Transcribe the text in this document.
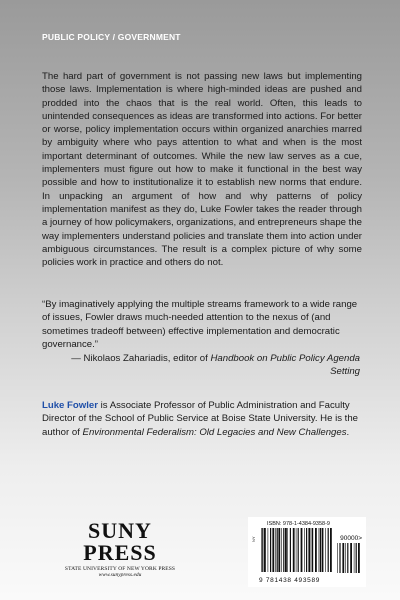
PUBLIC POLICY / GOVERNMENT

The hard part of government is not passing new laws but implementing those laws. Implementation is where high-minded ideas are pushed and prodded into the chaos that is the real world. Often, this leads to unintended consequences as ideas are transformed into actions. For better or worse, policy implementation occurs within organized anarchies marred by ambiguity where who pays attention to what and when is the most important determinant of outcomes. While the new law serves as a cue, implementers must figure out how to make it functional in the best way possible and how to institutionalize it to establish new norms that endure. In unpacking an argument of how and why patterns of policy implementation manifest as they do, Luke Fowler takes the reader through a journey of how policymakers, organizations, and entrepreneurs shape the way implementers understand policies and translate them into action under ambiguous circumstances. The result is a complex picture of why some policies work in practice and others do not.

“By imaginatively applying the multiple streams framework to a wide range of issues, Fowler draws much-needed attention to the nexus of (and sometimes tradeoff between) effective implementation and democratic governance.”

— Nikolaos Zahariadis, editor of Handbook on Public Policy Agenda Setting

Luke Fowler is Associate Professor of Public Administration and Faculty Director of the School of Public Service at Boise State University. He is the author of Environmental Federalism: Old Legacies and New Challenges.

SUNY
PRESS
STATE UNIVERSITY OF NEW YORK PRESS
www.sunypress.edu
ISBN: 978-1-4384-9358-9
90000>
NY
9 781438 493589
